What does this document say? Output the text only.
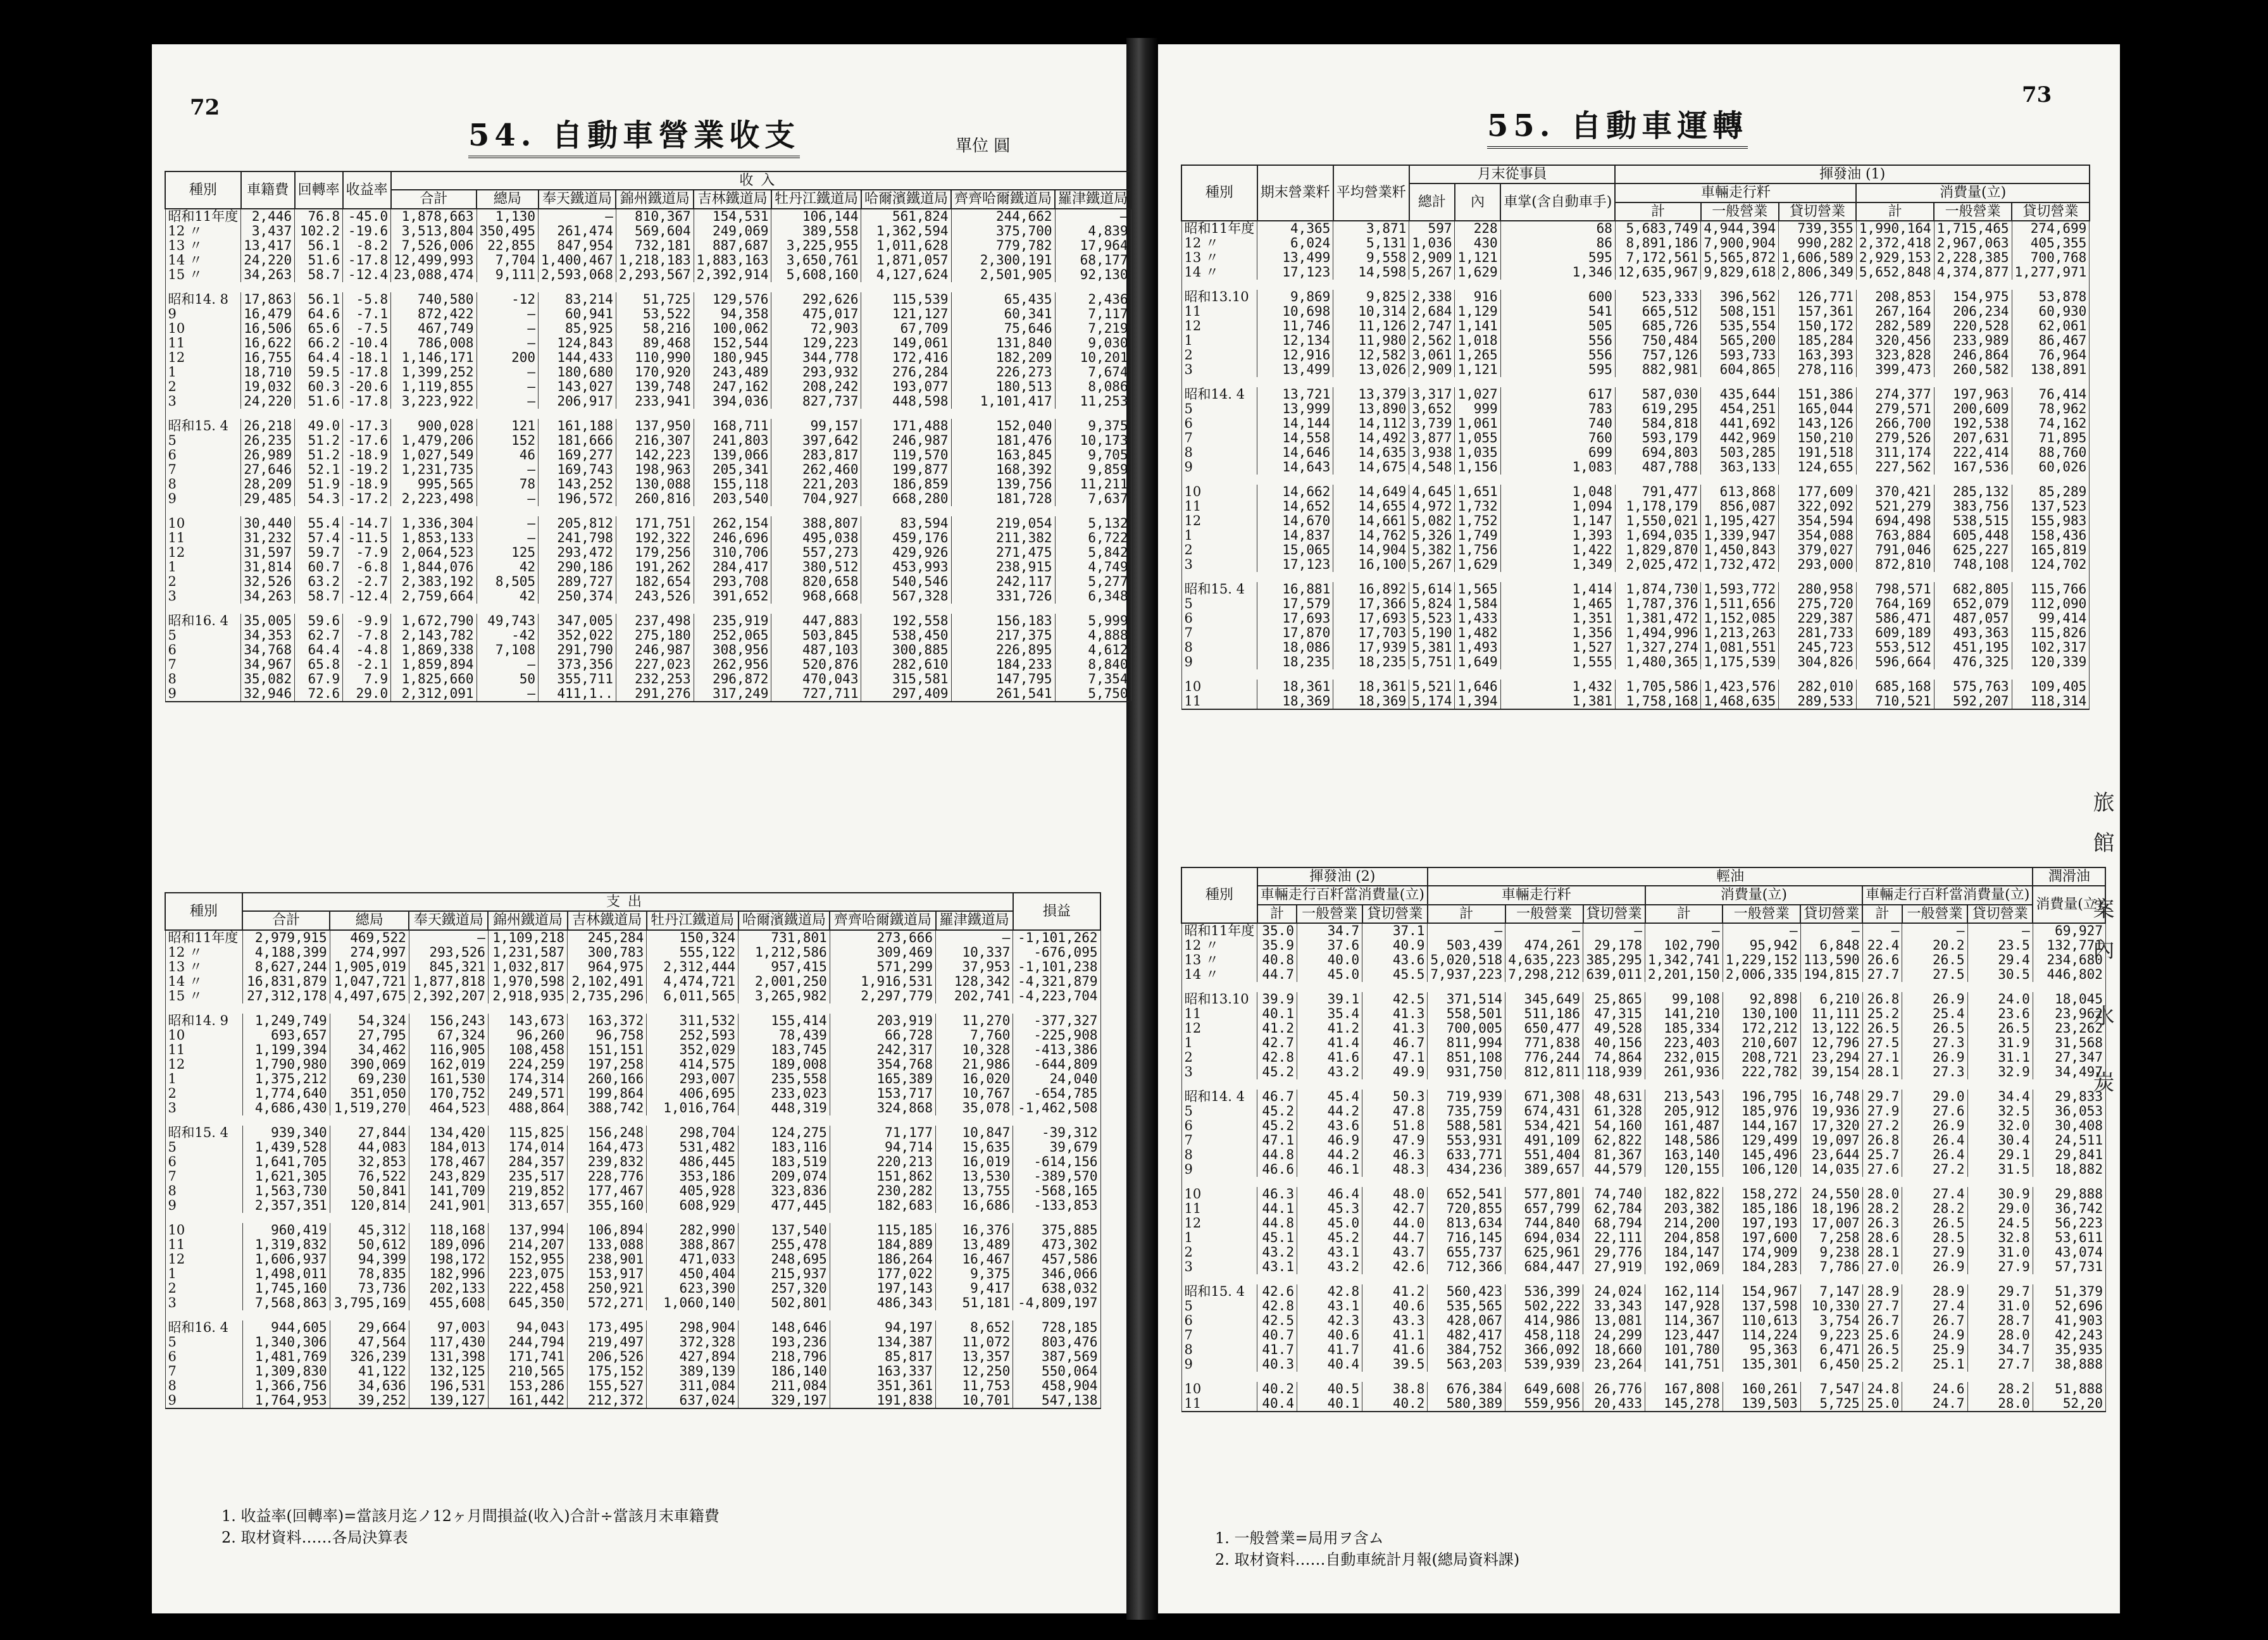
72
54. 自動車營業收支	單位 圓
種別	車籍費	回轉率	收益率	收入								
				合計	總局	奉天鐵道局	錦州鐵道局	吉林鐵道局	牡丹江鐵道局	哈爾濱鐵道局	齊齊哈爾鐵道局	羅津鐵道局
昭和11年度	2,446	76.8	-45.0	1,878,663	1,130	—	810,367	154,531	106,144	561,824	244,662	—
12 〃	3,437	102.2	-19.6	3,513,804	350,495	261,474	569,604	249,069	389,558	1,362,594	375,700	4,839
13 〃	13,417	56.1	-8.2	7,526,006	22,855	847,954	732,181	887,687	3,225,955	1,011,628	779,782	17,964
14 〃	24,220	51.6	-17.8	12,499,993	7,704	1,400,467	1,218,183	1,883,163	3,650,761	1,871,057	2,300,191	68,177
15 〃	34,263	58.7	-12.4	23,088,474	9,111	2,593,068	2,293,567	2,392,914	5,608,160	4,127,624	2,501,905	92,130

昭和14. 8	17,863	56.1	-5.8	740,580	-12	83,214	51,725	129,576	292,626	115,539	65,435	2,436
9	16,479	64.6	-7.1	872,422	—	60,941	53,522	94,358	475,017	121,127	60,341	7,117
10	16,506	65.6	-7.5	467,749	—	85,925	58,216	100,062	72,903	67,709	75,646	7,219
11	16,622	66.2	-10.4	786,008	—	124,843	89,468	152,544	129,223	149,061	131,840	9,030
12	16,755	64.4	-18.1	1,146,171	200	144,433	110,990	180,945	344,778	172,416	182,209	10,201
1	18,710	59.5	-17.8	1,399,252	—	180,680	170,920	243,489	293,932	276,284	226,273	7,674
2	19,032	60.3	-20.6	1,119,855	—	143,027	139,748	247,162	208,242	193,077	180,513	8,086
3	24,220	51.6	-17.8	3,223,922	—	206,917	233,941	394,036	827,737	448,598	1,101,417	11,253

昭和15. 4	26,218	49.0	-17.3	900,028	121	161,188	137,950	168,711	99,157	171,488	152,040	9,375
5	26,235	51.2	-17.6	1,479,206	152	181,666	216,307	241,803	397,642	246,987	181,476	10,173
6	26,989	51.2	-18.9	1,027,549	46	169,277	142,223	139,066	283,817	119,570	163,845	9,705
7	27,646	52.1	-19.2	1,231,735	—	169,743	198,963	205,341	262,460	199,877	168,392	9,859
8	28,209	51.9	-18.9	995,565	78	143,252	130,088	155,118	221,203	186,859	139,756	11,211
9	29,485	54.3	-17.2	2,223,498	—	196,572	260,816	203,540	704,927	668,280	181,728	7,637

10	30,440	55.4	-14.7	1,336,304	—	205,812	171,751	262,154	388,807	83,594	219,054	5,132
11	31,232	57.4	-11.5	1,853,133	—	241,798	192,322	246,696	495,038	459,176	211,382	6,722
12	31,597	59.7	-7.9	2,064,523	125	293,472	179,256	310,706	557,273	429,926	271,475	5,842
1	31,814	60.7	-6.8	1,844,076	42	290,186	191,262	284,417	380,512	453,993	238,915	4,749
2	32,526	63.2	-2.7	2,383,192	8,505	289,727	182,654	293,708	820,658	540,546	242,117	5,277
3	34,263	58.7	-12.4	2,759,664	42	250,374	243,526	391,652	968,668	567,328	331,726	6,348

昭和16. 4	35,005	59.6	-9.9	1,672,790	49,743	347,005	237,498	235,919	447,883	192,558	156,183	5,999
5	34,353	62.7	-7.8	2,143,782	-42	352,022	275,180	252,065	503,845	538,450	217,375	4,888
6	34,768	64.4	-4.8	1,869,338	7,108	291,790	246,987	308,956	487,103	300,885	226,895	4,612
7	34,967	65.8	-2.1	1,859,894	—	373,356	227,023	262,956	520,876	282,610	184,233	8,840
8	35,082	67.9	7.9	1,825,660	50	355,711	232,253	296,872	470,043	315,581	147,795	7,354
9	32,946	72.6	29.0	2,312,091	—	411,1..	291,276	317,249	727,711	297,409	261,541	5,750
種別	支出									損益
	合計	總局	奉天鐵道局	錦州鐵道局	吉林鐵道局	牡丹江鐵道局	哈爾濱鐵道局	齊齊哈爾鐵道局	羅津鐵道局	
昭和11年度	2,979,915	469,522	—	1,109,218	245,284	150,324	731,801	273,666	—	-1,101,262
12 〃	4,188,399	274,997	293,526	1,231,587	300,783	555,122	1,212,586	309,469	10,337	-676,095
13 〃	8,627,244	1,905,019	845,321	1,032,817	964,975	2,312,444	957,415	571,299	37,953	-1,101,238
14 〃	16,831,879	1,047,721	1,877,818	1,970,598	2,102,491	4,474,721	2,001,250	1,916,531	128,342	-4,321,879
15 〃	27,312,178	4,497,675	2,392,207	2,918,935	2,735,296	6,011,565	3,265,982	2,297,779	202,741	-4,223,704

昭和14. 9	1,249,749	54,324	156,243	143,673	163,372	311,532	155,414	203,919	11,270	-377,327
10	693,657	27,795	67,324	96,260	96,758	252,593	78,439	66,728	7,760	-225,908
11	1,199,394	34,462	116,905	108,458	151,151	352,029	183,745	242,317	10,328	-413,386
12	1,790,980	390,069	162,019	224,259	197,258	414,575	189,008	354,768	21,986	-644,809
1	1,375,212	69,230	161,530	174,314	260,166	293,007	235,558	165,389	16,020	24,040
2	1,774,640	351,050	170,752	249,571	199,864	406,695	233,023	153,717	10,767	-654,785
3	4,686,430	1,519,270	464,523	488,864	388,742	1,016,764	448,319	324,868	35,078	-1,462,508

昭和15. 4	939,340	27,844	134,420	115,825	156,248	298,704	124,275	71,177	10,847	-39,312
5	1,439,528	44,083	184,013	174,014	164,473	531,482	183,116	94,714	15,635	39,679
6	1,641,705	32,853	178,467	284,357	239,832	486,445	183,519	220,213	16,019	-614,156
7	1,621,305	76,522	243,829	235,517	228,776	353,186	209,074	151,862	13,530	-389,570
8	1,563,730	50,841	141,709	219,852	177,467	405,928	323,836	230,282	13,755	-568,165
9	2,357,351	120,814	241,901	313,657	355,160	608,929	477,445	182,683	16,686	-133,853

10	960,419	45,312	118,168	137,994	106,894	282,990	137,540	115,185	16,376	375,885
11	1,319,832	50,612	189,096	214,207	133,088	388,867	255,478	184,889	13,489	473,302
12	1,606,937	94,399	198,172	152,955	238,901	471,033	248,695	186,264	16,467	457,586
1	1,498,011	78,835	182,996	223,075	153,917	450,404	215,937	177,022	9,375	346,066
2	1,745,160	73,736	202,133	222,458	250,921	623,390	257,320	197,143	9,417	638,032
3	7,568,863	3,795,169	455,608	645,350	572,271	1,060,140	502,801	486,343	51,181	-4,809,197

昭和16. 4	944,605	29,664	97,003	94,043	173,495	298,904	148,646	94,197	8,652	728,185
5	1,340,306	47,564	117,430	244,794	219,497	372,328	193,236	134,387	11,072	803,476
6	1,481,769	326,239	131,398	171,741	206,526	427,894	218,796	85,817	13,357	387,569
7	1,309,830	41,122	132,125	210,565	175,152	389,139	186,140	163,337	12,250	550,064
8	1,366,756	34,636	196,531	153,286	155,527	311,084	211,084	351,361	11,753	458,904
9	1,764,953	39,252	139,127	161,442	212,372	637,024	329,197	191,838	10,701	547,138
1. 收益率(回轉率)=當該月迄ノ12ヶ月間損益(收入)合計÷當該月末車籍費
2. 取材資料……各局決算表
73
55. 自動車運轉
種別	期末營業粁	平均營業粁	月末從事員			揮發油 (1)					
			總計	內	車掌(含自動車手)	車輛走行粁			消費量(立)		
						計	一般營業	貸切營業	計	一般營業	貸切營業
昭和11年度	4,365	3,871	597	228	68	5,683,749	4,944,394	739,355	1,990,164	1,715,465	274,699
12 〃	6,024	5,131	1,036	430	86	8,891,186	7,900,904	990,282	2,372,418	2,967,063	405,355
13 〃	13,499	9,558	2,909	1,121	595	7,172,561	5,565,872	1,606,589	2,929,153	2,228,385	700,768
14 〃	17,123	14,598	5,267	1,629	1,346	12,635,967	9,829,618	2,806,349	5,652,848	4,374,877	1,277,971

昭和13.10	9,869	9,825	2,338	916	600	523,333	396,562	126,771	208,853	154,975	53,878
11	10,698	10,314	2,684	1,129	541	665,512	508,151	157,361	267,164	206,234	60,930
12	11,746	11,126	2,747	1,141	505	685,726	535,554	150,172	282,589	220,528	62,061
1	12,134	11,980	2,562	1,018	556	750,484	565,200	185,284	320,456	233,989	86,467
2	12,916	12,582	3,061	1,265	556	757,126	593,733	163,393	323,828	246,864	76,964
3	13,499	13,026	2,909	1,121	595	882,981	604,865	278,116	399,473	260,582	138,891

昭和14. 4	13,721	13,379	3,317	1,027	617	587,030	435,644	151,386	274,377	197,963	76,414
5	13,999	13,890	3,652	999	783	619,295	454,251	165,044	279,571	200,609	78,962
6	14,144	14,112	3,739	1,061	740	584,818	441,692	143,126	266,700	192,538	74,162
7	14,558	14,492	3,877	1,055	760	593,179	442,969	150,210	279,526	207,631	71,895
8	14,646	14,635	3,938	1,035	699	694,803	503,285	191,518	311,174	222,414	88,760
9	14,643	14,675	4,548	1,156	1,083	487,788	363,133	124,655	227,562	167,536	60,026

10	14,662	14,649	4,645	1,651	1,048	791,477	613,868	177,609	370,421	285,132	85,289
11	14,652	14,655	4,972	1,732	1,094	1,178,179	856,087	322,092	521,279	383,756	137,523
12	14,670	14,661	5,082	1,752	1,147	1,550,021	1,195,427	354,594	694,498	538,515	155,983
1	14,837	14,762	5,326	1,749	1,393	1,694,035	1,339,947	354,088	763,884	605,448	158,436
2	15,065	14,904	5,382	1,756	1,422	1,829,870	1,450,843	379,027	791,046	625,227	165,819
3	17,123	16,100	5,267	1,629	1,349	2,025,472	1,732,472	293,000	872,810	748,108	124,702

昭和15. 4	16,881	16,892	5,614	1,565	1,414	1,874,730	1,593,772	280,958	798,571	682,805	115,766
5	17,579	17,366	5,824	1,584	1,465	1,787,376	1,511,656	275,720	764,169	652,079	112,090
6	17,693	17,693	5,523	1,433	1,351	1,381,472	1,152,085	229,387	586,471	487,057	99,414
7	17,870	17,703	5,190	1,482	1,356	1,494,996	1,213,263	281,733	609,189	493,363	115,826
8	18,086	17,939	5,381	1,493	1,527	1,327,274	1,081,551	245,723	553,512	451,195	102,317
9	18,235	18,235	5,751	1,649	1,555	1,480,365	1,175,539	304,826	596,664	476,325	120,339

10	18,361	18,361	5,521	1,646	1,432	1,705,586	1,423,576	282,010	685,168	575,763	109,405
11	18,369	18,369	5,174	1,394	1,381	1,758,168	1,468,635	289,533	710,521	592,207	118,314
種別	揮發油 (2)			輕油									潤滑油
	車輛走行百粁當消費量(立)			車輛走行粁			消費量(立)			車輛走行百粁當消費量(立)			消費量(立)
	計	一般營業	貸切營業	計	一般營業	貸切營業	計	一般營業	貸切營業	計	一般營業	貸切營業	
昭和11年度	35.0	34.7	37.1	—	—	—	—	—	—	—	—	—	69,927
12 〃	35.9	37.6	40.9	503,439	474,261	29,178	102,790	95,942	6,848	22.4	20.2	23.5	132,771
13 〃	40.8	40.0	43.6	5,020,518	4,635,223	385,295	1,342,741	1,229,152	113,590	26.6	26.5	29.4	234,680
14 〃	44.7	45.0	45.5	7,937,223	7,298,212	639,011	2,201,150	2,006,335	194,815	27.7	27.5	30.5	446,802

昭和13.10	39.9	39.1	42.5	371,514	345,649	25,865	99,108	92,898	6,210	26.8	26.9	24.0	18,045
11	40.1	35.4	41.3	558,501	511,186	47,315	141,210	130,100	11,111	25.2	25.4	23.6	23,962
12	41.2	41.2	41.3	700,005	650,477	49,528	185,334	172,212	13,122	26.5	26.5	26.5	23,262
1	42.7	41.4	46.7	811,994	771,838	40,156	223,403	210,607	12,796	27.5	27.3	31.9	31,568
2	42.8	41.6	47.1	851,108	776,244	74,864	232,015	208,721	23,294	27.1	26.9	31.1	27,347
3	45.2	43.2	49.9	931,750	812,811	118,939	261,936	222,782	39,154	28.1	27.3	32.9	34,497

昭和14. 4	46.7	45.4	50.3	719,939	671,308	48,631	213,543	196,795	16,748	29.7	29.0	34.4	29,833
5	45.2	44.2	47.8	735,759	674,431	61,328	205,912	185,976	19,936	27.9	27.6	32.5	36,053
6	45.2	43.6	51.8	588,581	534,421	54,160	161,487	144,167	17,320	27.2	26.9	32.0	30,408
7	47.1	46.9	47.9	553,931	491,109	62,822	148,586	129,499	19,097	26.8	26.4	30.4	24,511
8	44.8	44.2	46.3	633,771	551,404	81,367	163,140	145,496	23,644	25.7	26.4	29.1	29,841
9	46.6	46.1	48.3	434,236	389,657	44,579	120,155	106,120	14,035	27.6	27.2	31.5	18,882

10	46.3	46.4	48.0	652,541	577,801	74,740	182,822	158,272	24,550	28.0	27.4	30.9	29,888
11	44.1	45.3	42.7	720,855	657,799	62,784	203,382	185,186	18,196	28.2	28.2	29.0	36,742
12	44.8	45.0	44.0	813,634	744,840	68,794	214,200	197,193	17,007	26.3	26.5	24.5	56,223
1	45.1	45.2	44.7	716,145	694,034	22,111	204,858	197,600	7,258	28.6	28.5	32.8	53,611
2	43.2	43.1	43.7	655,737	625,961	29,776	184,147	174,909	9,238	28.1	27.9	31.0	43,074
3	43.1	43.2	42.6	712,366	684,447	27,919	192,069	184,283	7,786	27.0	26.9	27.9	57,731

昭和15. 4	42.6	42.8	41.2	560,423	536,399	24,024	162,114	154,967	7,147	28.9	28.9	29.7	51,379
5	42.8	43.1	40.6	535,565	502,222	33,343	147,928	137,598	10,330	27.7	27.4	31.0	52,696
6	42.5	42.3	43.3	428,067	414,986	13,081	114,367	110,613	3,754	26.7	26.7	28.7	41,903
7	40.7	40.6	41.1	482,417	458,118	24,299	123,447	114,224	9,223	25.6	24.9	28.0	42,243
8	41.7	41.7	41.6	384,752	366,092	18,660	101,780	95,363	6,471	26.5	25.9	34.7	35,935
9	40.3	40.4	39.5	563,203	539,939	23,264	141,751	135,301	6,450	25.2	25.1	27.7	38,888

10	40.2	40.5	38.8	676,384	649,608	26,776	167,808	160,261	7,547	24.8	24.6	28.2	51,888
11	40.4	40.1	40.2	580,389	559,956	20,433	145,278	139,503	5,725	25.0	24.7	28.0	52,20
1. 一般營業=局用ヲ含ム
2. 取材資料……自動車統計月報(總局資料課)
旅館 案內 水 炭
